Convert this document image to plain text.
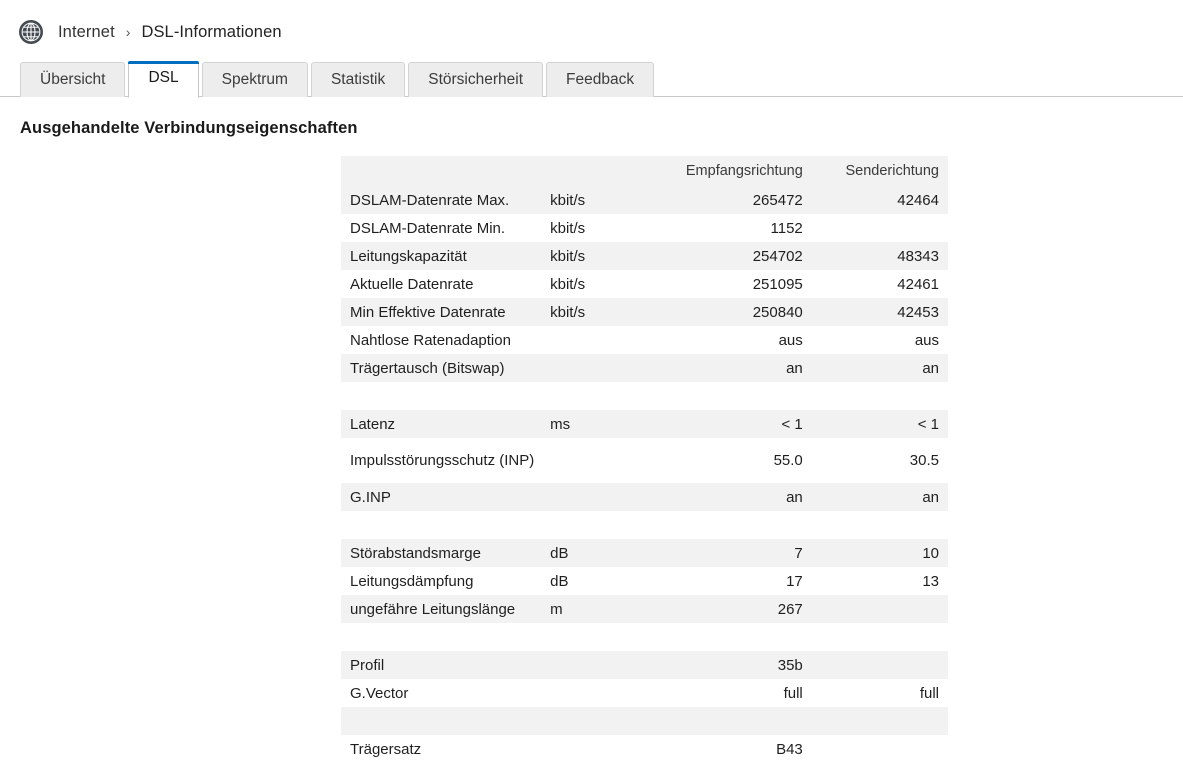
Internet › DSL-Informationen
Übersicht	DSL	Spektrum	Statistik	Störsicherheit	Feedback
Ausgehandelte Verbindungseigenschaften
		Empfangsrichtung	Senderichtung
DSLAM-Datenrate Max.	kbit/s	265472	42464
DSLAM-Datenrate Min.	kbit/s	1152	
Leitungskapazität	kbit/s	254702	48343
Aktuelle Datenrate	kbit/s	251095	42461
Min Effektive Datenrate	kbit/s	250840	42453
Nahtlose Ratenadaption		aus	aus
Trägertausch (Bitswap)		an	an

Latenz	ms	< 1	< 1
Impulsstörungsschutz (INP)		55.0	30.5
G.INP		an	an

Störabstandsmarge	dB	7	10
Leitungsdämpfung	dB	17	13
ungefähre Leitungslänge	m	267	

Profil		35b	
G.Vector		full	full

Trägersatz		B43	
